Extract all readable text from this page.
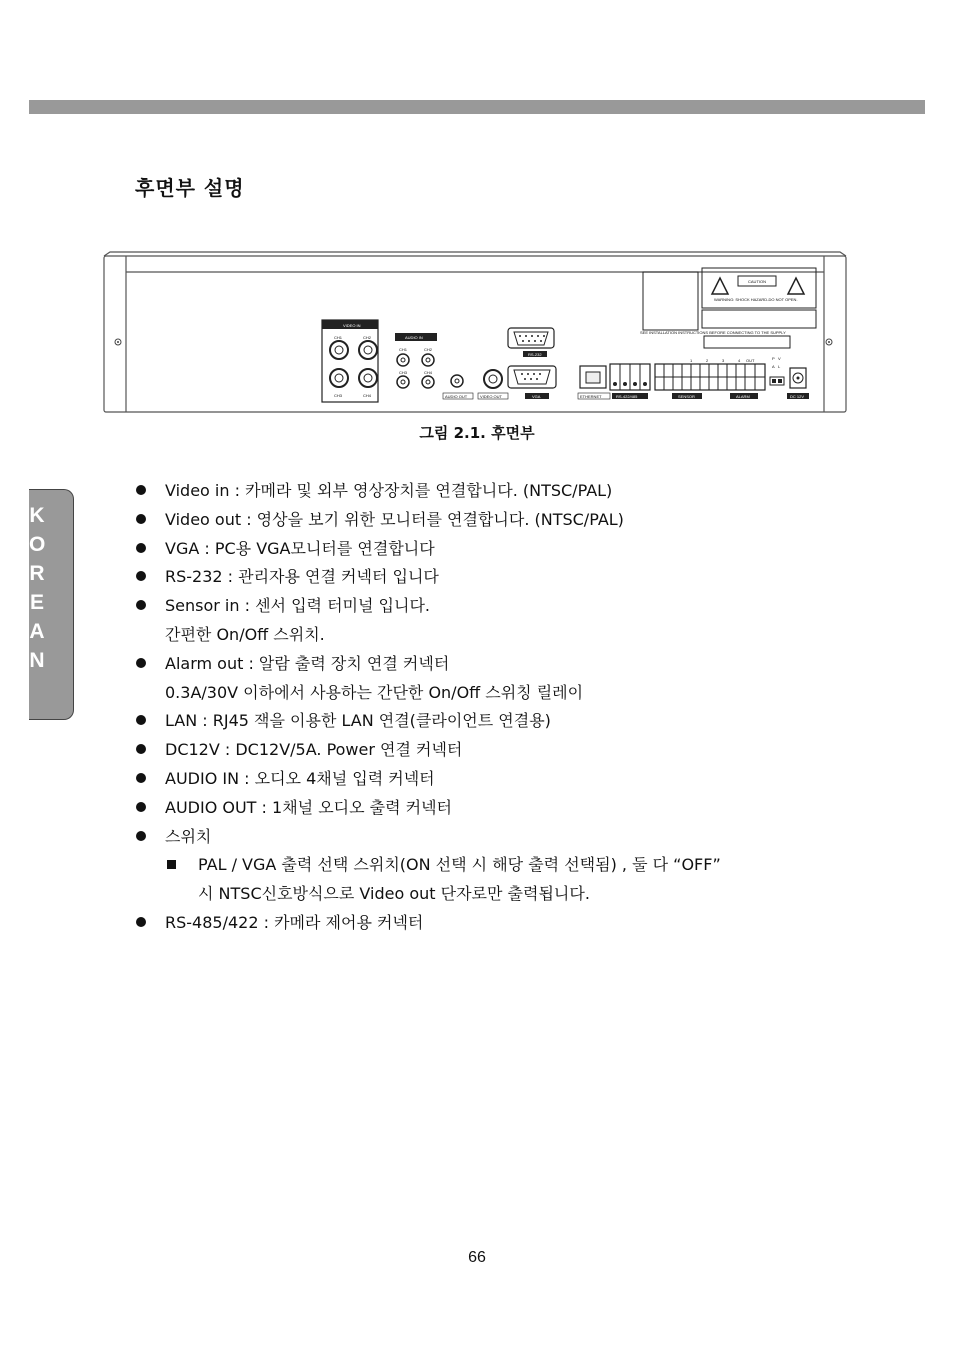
후면부 설명
VIDEO IN
CH1	CH2
CH3	CH4
AUDIO IN
CH1	CH2
CH3	CH4
AUDIO OUT	VIDEO OUT
RS-232
VGA	ETHERNET	RS-422/485
1	2	3	4 OUT
SENSOR	ALARM
P V
A L
DC 12V
CAUTION
WARNING: SHOCK HAZARD-DO NOT OPEN.
SEE INSTALLATION INSTRUCTIONS BEFORE CONNECTING TO THE SUPPLY
그림 2.1. 후면부
K
O
R
E
A
N
Video in : 카메라 및 외부 영상장치를 연결합니다. (NTSC/PAL)
Video out : 영상을 보기 위한 모니터를 연결합니다. (NTSC/PAL)
VGA : PC용 VGA모니터를 연결합니다
RS-232 : 관리자용 연결 커넥터 입니다
Sensor in : 센서 입력 터미널 입니다.
간편한 On/Off 스위치.
Alarm out : 알람 출력 장치 연결 커넥터
0.3A/30V 이하에서 사용하는 간단한 On/Off 스위칭 릴레이
LAN : RJ45 잭을 이용한 LAN 연결(클라이언트 연결용)
DC12V : DC12V/5A. Power 연결 커넥터
AUDIO IN : 오디오 4채널 입력 커넥터
AUDIO OUT : 1채널 오디오 출력 커넥터
스위치
PAL / VGA 출력 선택 스위치(ON 선택 시 해당 출력 선택됨) , 둘 다 “OFF”
시 NTSC신호방식으로 Video out 단자로만 출력됩니다.
RS-485/422 : 카메라 제어용 커넥터
66
